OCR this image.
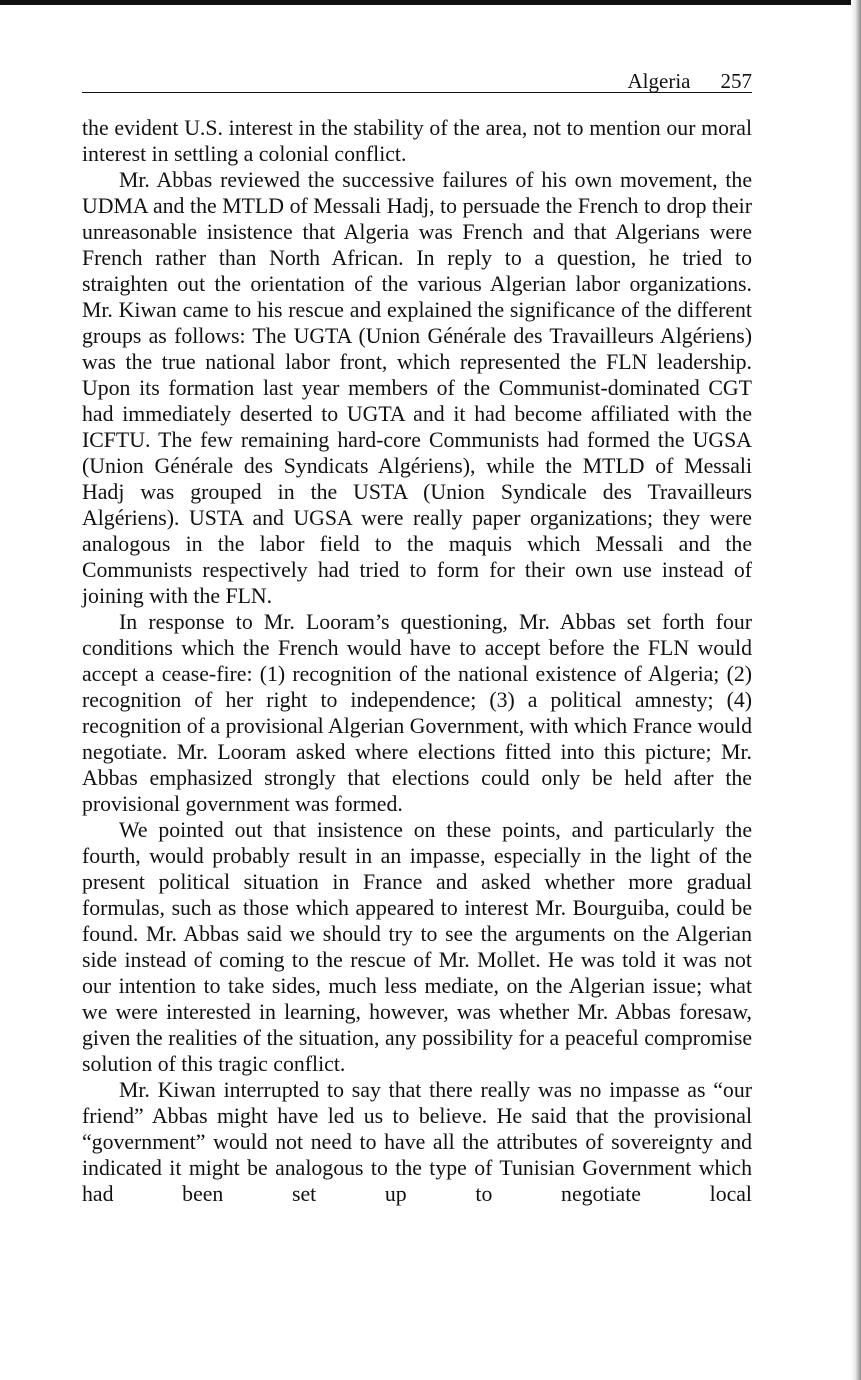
Algeria 257

the evident U.S. interest in the stability of the area, not to mention our moral interest in settling a colonial conflict.

Mr. Abbas reviewed the successive failures of his own movement, the UDMA and the MTLD of Messali Hadj, to persuade the French to drop their unreasonable insistence that Algeria was French and that Algerians were French rather than North African. In reply to a question, he tried to straighten out the orientation of the various Algerian labor organizations. Mr. Kiwan came to his rescue and explained the significance of the different groups as follows: The UGTA (Union Générale des Travailleurs Algériens) was the true national labor front, which represented the FLN leadership. Upon its formation last year members of the Communist-dominated CGT had immediately deserted to UGTA and it had become affiliated with the ICFTU. The few remaining hard-core Communists had formed the UGSA (Union Générale des Syndicats Algériens), while the MTLD of Messali Hadj was grouped in the USTA (Union Syndicale des Travailleurs Algériens). USTA and UGSA were really paper organizations; they were analogous in the labor field to the maquis which Messali and the Communists respectively had tried to form for their own use instead of joining with the FLN.

In response to Mr. Looram’s questioning, Mr. Abbas set forth four conditions which the French would have to accept before the FLN would accept a cease-fire: (1) recognition of the national existence of Algeria; (2) recognition of her right to independence; (3) a political amnesty; (4) recognition of a provisional Algerian Government, with which France would negotiate. Mr. Looram asked where elections fitted into this picture; Mr. Abbas emphasized strongly that elections could only be held after the provisional government was formed.

We pointed out that insistence on these points, and particularly the fourth, would probably result in an impasse, especially in the light of the present political situation in France and asked whether more gradual formulas, such as those which appeared to interest Mr. Bourguiba, could be found. Mr. Abbas said we should try to see the arguments on the Algerian side instead of coming to the rescue of Mr. Mollet. He was told it was not our intention to take sides, much less mediate, on the Algerian issue; what we were interested in learning, however, was whether Mr. Abbas foresaw, given the realities of the situation, any possibility for a peaceful compromise solution of this tragic conflict.

Mr. Kiwan interrupted to say that there really was no impasse as “our friend” Abbas might have led us to believe. He said that the provisional “government” would not need to have all the attributes of sovereignty and indicated it might be analogous to the type of Tunisian Government which had been set up to negotiate local
